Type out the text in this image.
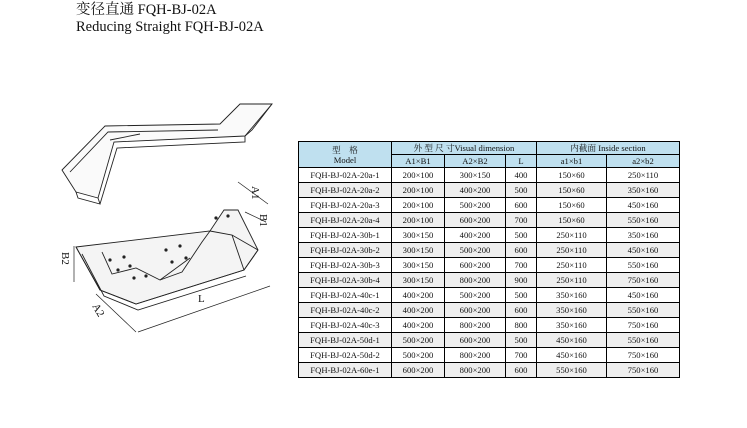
变径直通 FQH-BJ-02A
Reducing Straight FQH-BJ-02A
A1
B1
B2
A2
L
型　格
Model	外 型 尺 寸Visual dimension			内截面 Inside section	
	A1×B1	A2×B2	L	a1×b1	a2×b2
FQH-BJ-02A-20a-1	200×100	300×150	400	150×60	250×110
FQH-BJ-02A-20a-2	200×100	400×200	500	150×60	350×160
FQH-BJ-02A-20a-3	200×100	500×200	600	150×60	450×160
FQH-BJ-02A-20a-4	200×100	600×200	700	150×60	550×160
FQH-BJ-02A-30b-1	300×150	400×200	500	250×110	350×160
FQH-BJ-02A-30b-2	300×150	500×200	600	250×110	450×160
FQH-BJ-02A-30b-3	300×150	600×200	700	250×110	550×160
FQH-BJ-02A-30b-4	300×150	800×200	900	250×110	750×160
FQH-BJ-02A-40c-1	400×200	500×200	500	350×160	450×160
FQH-BJ-02A-40c-2	400×200	600×200	600	350×160	550×160
FQH-BJ-02A-40c-3	400×200	800×200	800	350×160	750×160
FQH-BJ-02A-50d-1	500×200	600×200	500	450×160	550×160
FQH-BJ-02A-50d-2	500×200	800×200	700	450×160	750×160
FQH-BJ-02A-60e-1	600×200	800×200	600	550×160	750×160
